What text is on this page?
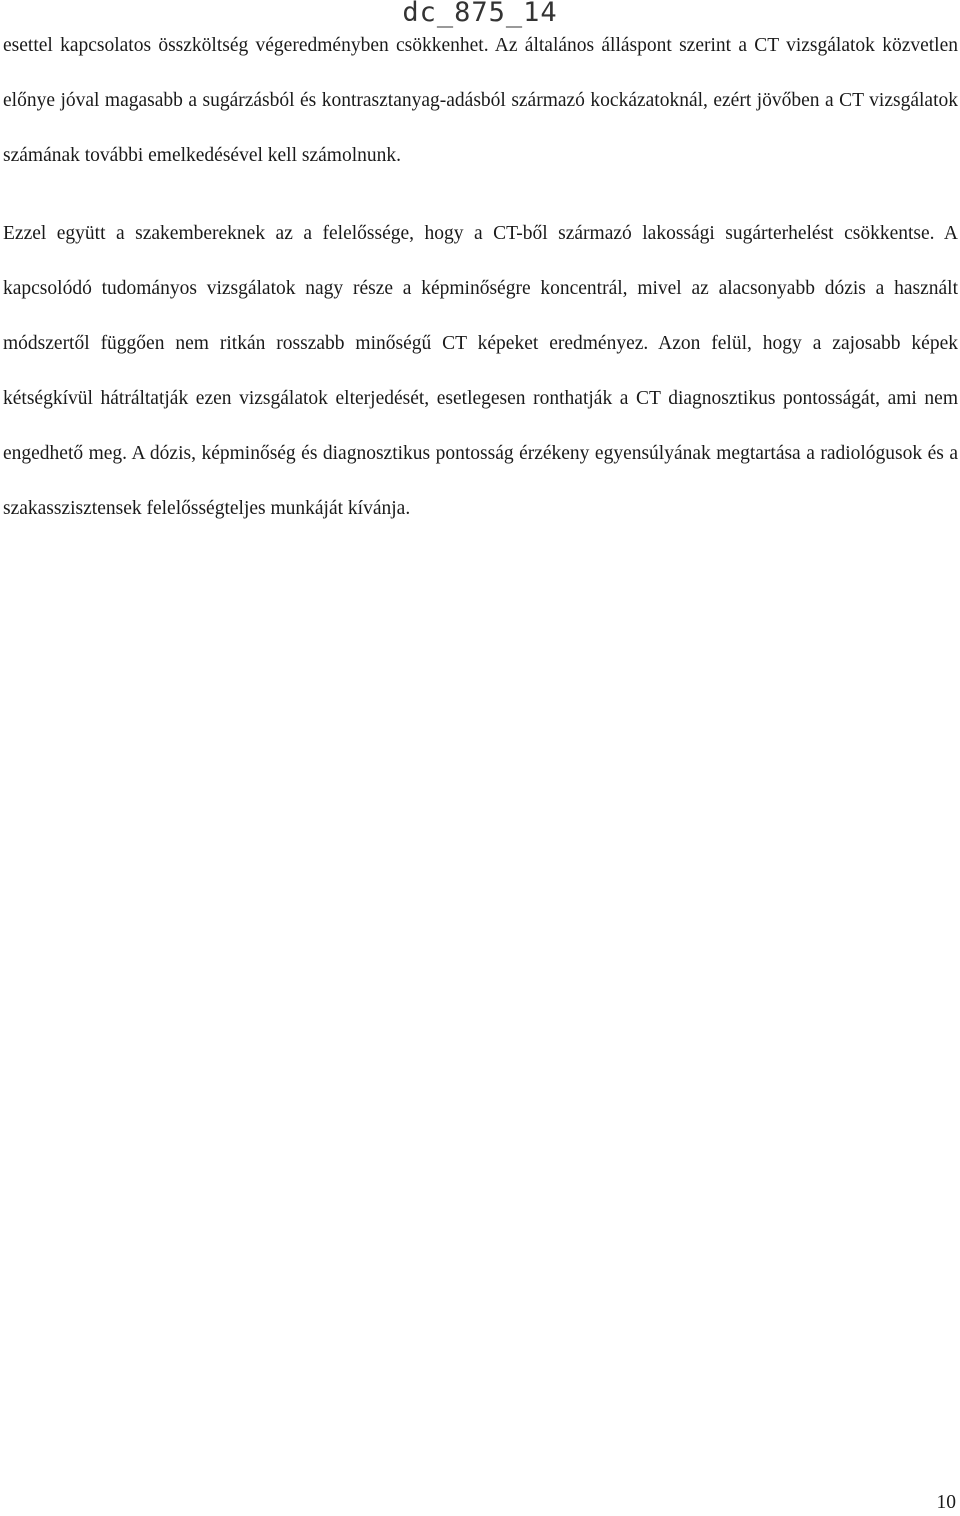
dc_875_14

esettel kapcsolatos összköltség végeredményben csökkenhet. Az általános álláspont szerint a CT vizsgálatok közvetlen előnye jóval magasabb a sugárzásból és kontrasztanyag-adásból származó kockázatoknál, ezért jövőben a CT vizsgálatok számának további emelkedésével kell számolnunk.

Ezzel együtt a szakembereknek az a felelőssége, hogy a CT-ből származó lakossági sugárterhelést csökkentse. A kapcsolódó tudományos vizsgálatok nagy része a képminőségre koncentrál, mivel az alacsonyabb dózis a használt módszertől függően nem ritkán rosszabb minőségű CT képeket eredményez. Azon felül, hogy a zajosabb képek kétségkívül hátráltatják ezen vizsgálatok elterjedését, esetlegesen ronthatják a CT diagnosztikus pontosságát, ami nem engedhető meg. A dózis, képminőség és diagnosztikus pontosság érzékeny egyensúlyának megtartása a radiológusok és a szakasszisztensek felelősségteljes munkáját kívánja.

10
